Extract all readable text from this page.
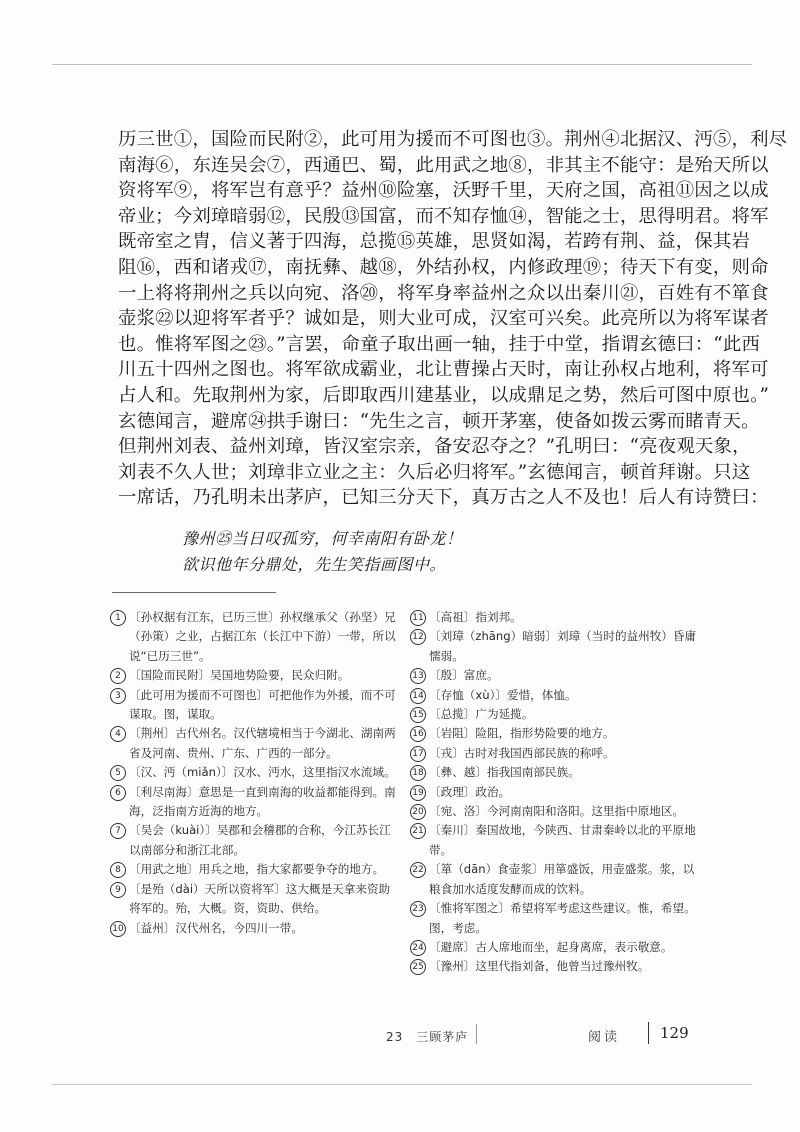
历三世①，国险而民附②，此可用为援而不可图也③。荆州④北据汉、沔⑤，利尽
南海⑥，东连吴会⑦，西通巴、蜀，此用武之地⑧，非其主不能守：是殆天所以
资将军⑨，将军岂有意乎？益州⑩险塞，沃野千里，天府之国，高祖⑪因之以成
帝业；今刘璋暗弱⑫，民殷⑬国富，而不知存恤⑭，智能之士，思得明君。将军
既帝室之胄，信义著于四海，总揽⑮英雄，思贤如渴，若跨有荆、益，保其岩
阻⑯，西和诸戎⑰，南抚彝、越⑱，外结孙权，内修政理⑲；待天下有变，则命
一上将将荆州之兵以向宛、洛⑳，将军身率益州之众以出秦川㉑，百姓有不箪食
壶浆㉒以迎将军者乎？诚如是，则大业可成，汉室可兴矣。此亮所以为将军谋者
也。惟将军图之㉓。”言罢，命童子取出画一轴，挂于中堂，指谓玄德曰：“此西
川五十四州之图也。将军欲成霸业，北让曹操占天时，南让孙权占地利，将军可
占人和。先取荆州为家，后即取西川建基业，以成鼎足之势，然后可图中原也。”
玄德闻言，避席㉔拱手谢曰：“先生之言，顿开茅塞，使备如拨云雾而睹青天。
但荆州刘表、益州刘璋，皆汉室宗亲，备安忍夺之？”孔明曰：“亮夜观天象，
刘表不久人世；刘璋非立业之主：久后必归将军。”玄德闻言，顿首拜谢。只这
一席话，乃孔明未出茅庐，已知三分天下，真万古之人不及也！后人有诗赞曰：

豫州㉕当日叹孤穷，何幸南阳有卧龙！
欲识他年分鼎处，先生笑指画图中。
1 〔孙权据有江东，已历三世〕孙权继承父（孙坚）兄（孙策）之业，占据江东（长江中下游）一带，所以说“已历三世”。
2 〔国险而民附〕吴国地势险要，民众归附。
3 〔此可用为援而不可图也〕可把他作为外援，而不可谋取。图，谋取。
4 〔荆州〕古代州名。汉代辖境相当于今湖北、湖南两省及河南、贵州、广东、广西的一部分。
5 〔汉、沔（miǎn）〕汉水、沔水，这里指汉水流域。
6 〔利尽南海〕意思是一直到南海的收益都能得到。南海，泛指南方近海的地方。
7 〔吴会（kuài）〕吴郡和会稽郡的合称，今江苏长江以南部分和浙江北部。
8 〔用武之地〕用兵之地，指大家都要争夺的地方。
9 〔是殆（dài）天所以资将军〕这大概是天拿来资助将军的。殆，大概。资，资助、供给。
10 〔益州〕汉代州名，今四川一带。
11 〔高祖〕指刘邦。
12 〔刘璋（zhāng）暗弱〕刘璋（当时的益州牧）昏庸懦弱。
13 〔殷〕富庶。
14 〔存恤（xù）〕爱惜，体恤。
15 〔总揽〕广为延揽。
16 〔岩阻〕险阻，指形势险要的地方。
17 〔戎〕古时对我国西部民族的称呼。
18 〔彝、越〕指我国南部民族。
19 〔政理〕政治。
20 〔宛、洛〕今河南南阳和洛阳。这里指中原地区。
21 〔秦川〕秦国故地，今陕西、甘肃秦岭以北的平原地带。
22 〔箪（dān）食壶浆〕用箪盛饭，用壶盛浆。浆，以粮食加水适度发酵而成的饮料。
23 〔惟将军图之〕希望将军考虑这些建议。惟，希望。图，考虑。
24 〔避席〕古人席地而坐，起身离席，表示敬意。
25 〔豫州〕这里代指刘备，他曾当过豫州牧。
23　三顾茅庐	阅读	129
